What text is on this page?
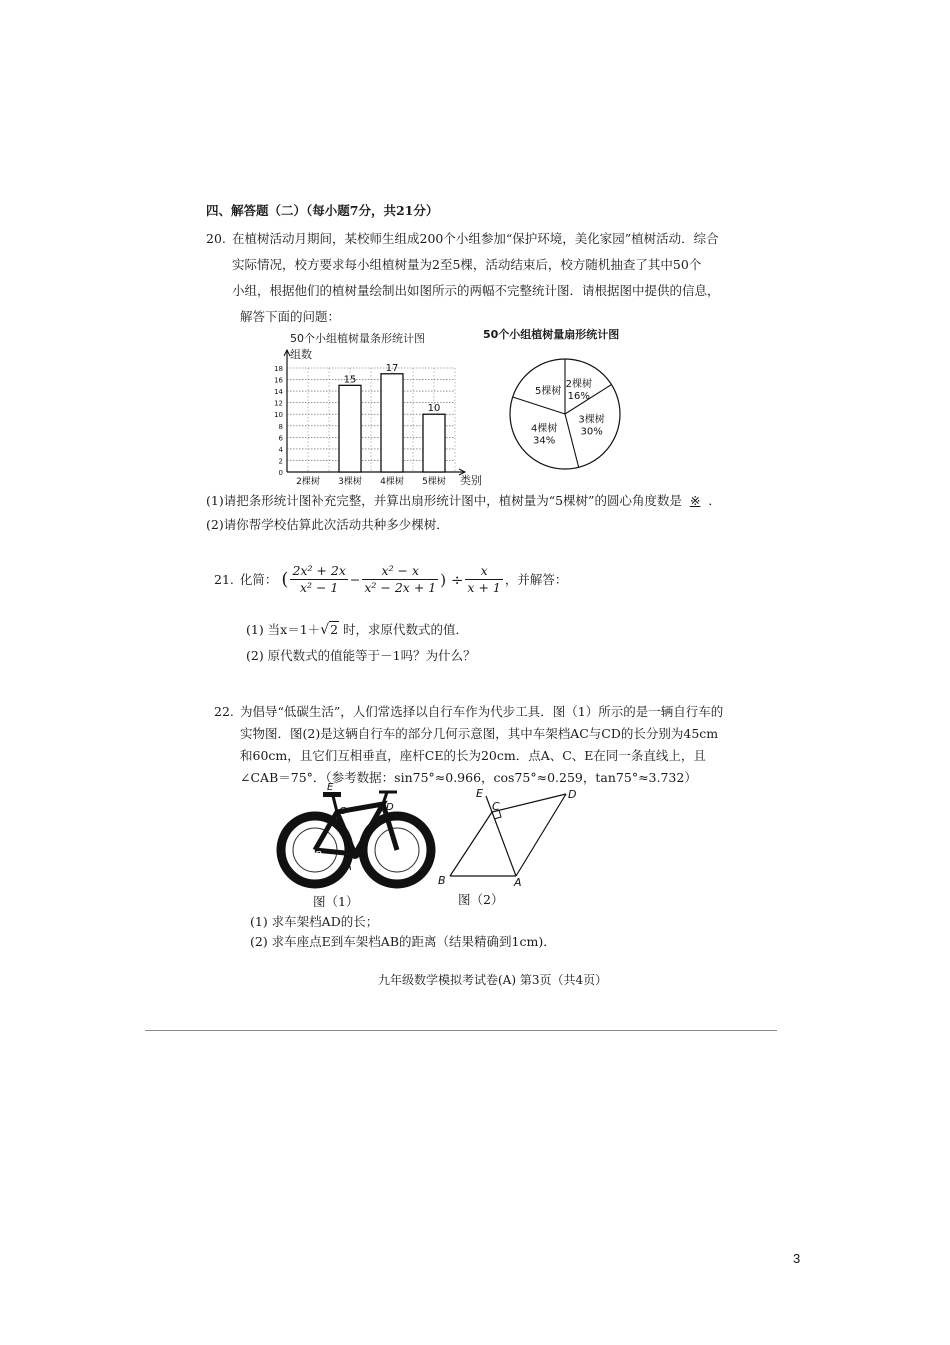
四、解答题（二）（每小题7分，共21分）
20. 在植树活动月期间，某校师生组成200个小组参加“保护环境，美化家园”植树活动．综合
实际情况，校方要求每小组植树量为2至5棵，活动结束后，校方随机抽查了其中50个
小组，根据他们的植树量绘制出如图所示的两幅不完整统计图．请根据图中提供的信息，
解答下面的问题：
50个小组植树量条形统计图
组数
0
2
4
6
8
10
12
14
16
18
2棵树
15
3棵树
17
4棵树
10
5棵树 类别
50个小组植树量扇形统计图
2棵树
16%
3棵树
30%
4棵树
34%
5棵树
(1)请把条形统计图补充完整，并算出扇形统计图中，植树量为“5棵树”的圆心角度数是 ※ ．
(2)请你帮学校估算此次活动共种多少棵树．
21. 化简： ( $\frac{\text{2x² + 2x}}{\text{x² − 1}} - \frac{\text{x² − x}}{\text{x² − 2x + 1}}$ ) ÷ $\frac{x}{x + 1}$ ，并解答：
(1) 当x＝1＋√2 时，求原代数式的值．
(2) 原代数式的值能等于－1吗？为什么？
22. 为倡导“低碳生活”，人们常选择以自行车作为代步工具．图（1）所示的是一辆自行车的
实物图．图(2)是这辆自行车的部分几何示意图，其中车架档AC与CD的长分别为45cm
和60cm，且它们互相垂直，座杆CE的长为20cm．点A、C、E在同一条直线上，且
∠CAB＝75°．（参考数据：sin75°≈0.966，cos75°≈0.259，tan75°≈3.732）
E
C	D
B
A
图（1）
E
C
D
B	A
图（2）
(1) 求车架档AD的长；
(2) 求车座点E到车架档AB的距离（结果精确到1cm)．
九年级数学模拟考试卷(A) 第3页（共4页）
3
